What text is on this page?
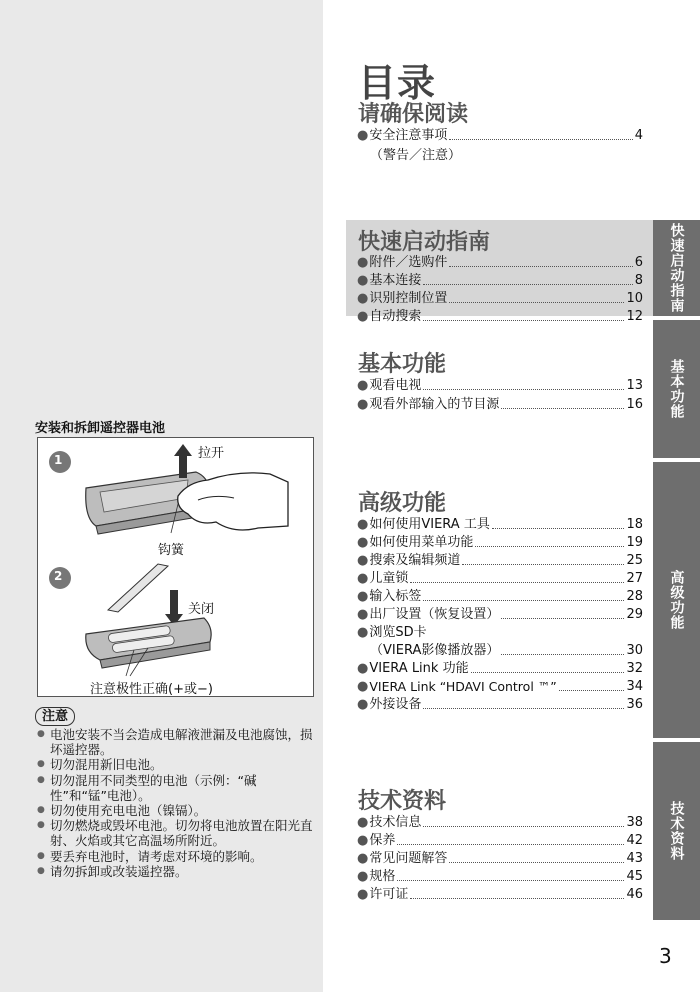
快速启动指南
基本功能
高级功能
技术资料
目录
请确保阅读
● 安全注意事项	4
（警告／注意）
快速启动指南
● 附件／选购件	6
● 基本连接	8
● 识别控制位置	10
● 自动搜索	12
基本功能
● 观看电视	13
● 观看外部输入的节目源	16
高级功能
● 如何使用VIERA 工具	18
● 如何使用菜单功能	19
● 搜索及编辑频道	25
● 儿童锁	27
● 输入标签	28
● 出厂设置（恢复设置）	29
● 浏览SD卡
（VIERA影像播放器）	30
● VIERA Link 功能	32
● VIERA Link “HDAVI Control ™”	34
● 外接设备	36
技术资料
● 技术信息	38
● 保养	42
● 常见问题解答	43
● 规格	45
● 许可证	46
3
安装和拆卸遥控器电池
1
2
拉开
钩簧
关闭
注意极性正确(+或−)
注意
● 电池安装不当会造成电解液泄漏及电池腐蚀，损坏遥控器。
● 切勿混用新旧电池。
● 切勿混用不同类型的电池（示例：“碱性”和“锰”电池）。
● 切勿使用充电电池（镍镉）。
● 切勿燃烧或毁坏电池。切勿将电池放置在阳光直射、火焰或其它高温场所附近。
● 要丢弃电池时，请考虑对环境的影响。
● 请勿拆卸或改装遥控器。
